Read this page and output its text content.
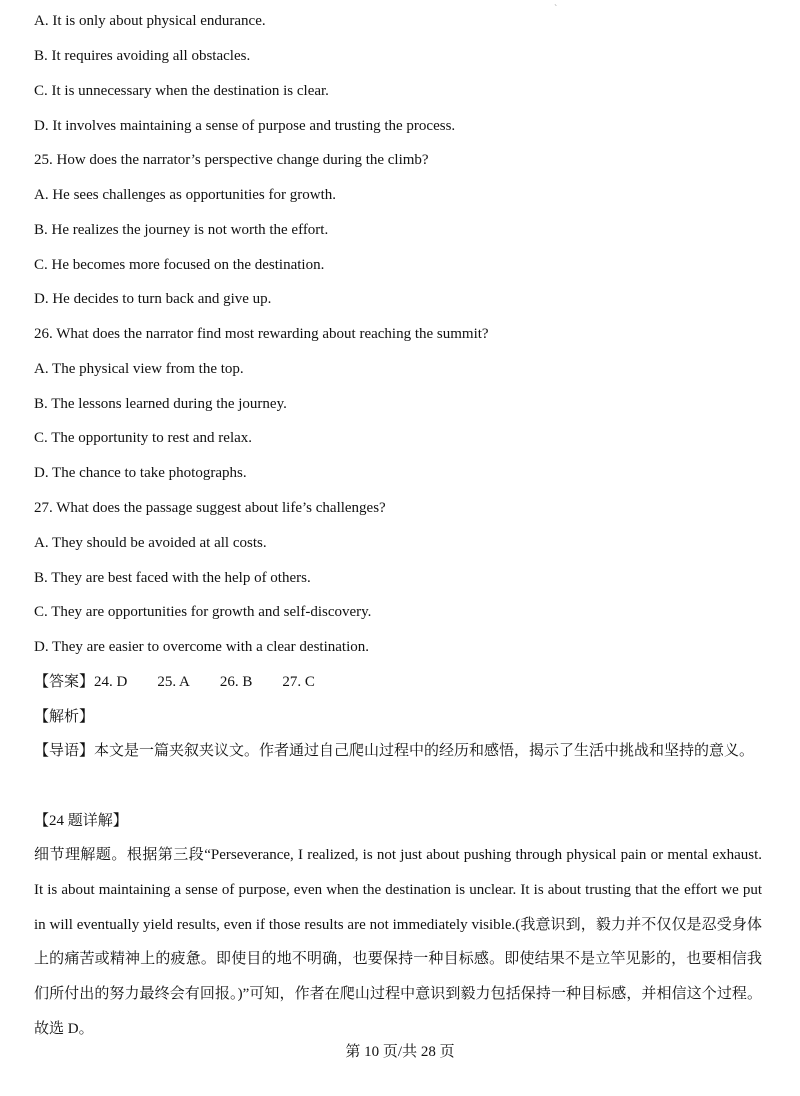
`
A. It is only about physical endurance.
B. It requires avoiding all obstacles.
C. It is unnecessary when the destination is clear.
D. It involves maintaining a sense of purpose and trusting the process.
25. How does the narrator’s perspective change during the climb?
A. He sees challenges as opportunities for growth.
B. He realizes the journey is not worth the effort.
C. He becomes more focused on the destination.
D. He decides to turn back and give up.
26. What does the narrator find most rewarding about reaching the summit?
A. The physical view from the top.
B. The lessons learned during the journey.
C. The opportunity to rest and relax.
D. The chance to take photographs.
27. What does the passage suggest about life’s challenges?
A. They should be avoided at all costs.
B. They are best faced with the help of others.
C. They are opportunities for growth and self-discovery.
D. They are easier to overcome with a clear destination.
【答案】24. D 25. A 26. B 27. C
【解析】
【导语】本文是一篇夹叙夹议文。作者通过自己爬山过程中的经历和感悟，揭示了生活中挑战和坚持的意义。
【24 题详解】
细节理解题。根据第三段“Perseverance, I realized, is not just about pushing through physical pain or mental exhaust. It is about maintaining a sense of purpose, even when the destination is unclear. It is about trusting that the effort we put in will eventually yield results, even if those results are not immediately visible.(我意识到，毅力并不仅仅是忍受身体上的痛苦或精神上的疲惫。即使目的地不明确，也要保持一种目标感。即使结果不是立竿见影的，也要相信我们所付出的努力最终会有回报。)”可知，作者在爬山过程中意识到毅力包括保持一种目标感，并相信这个过程。故选 D。
第 10 页/共 28 页
